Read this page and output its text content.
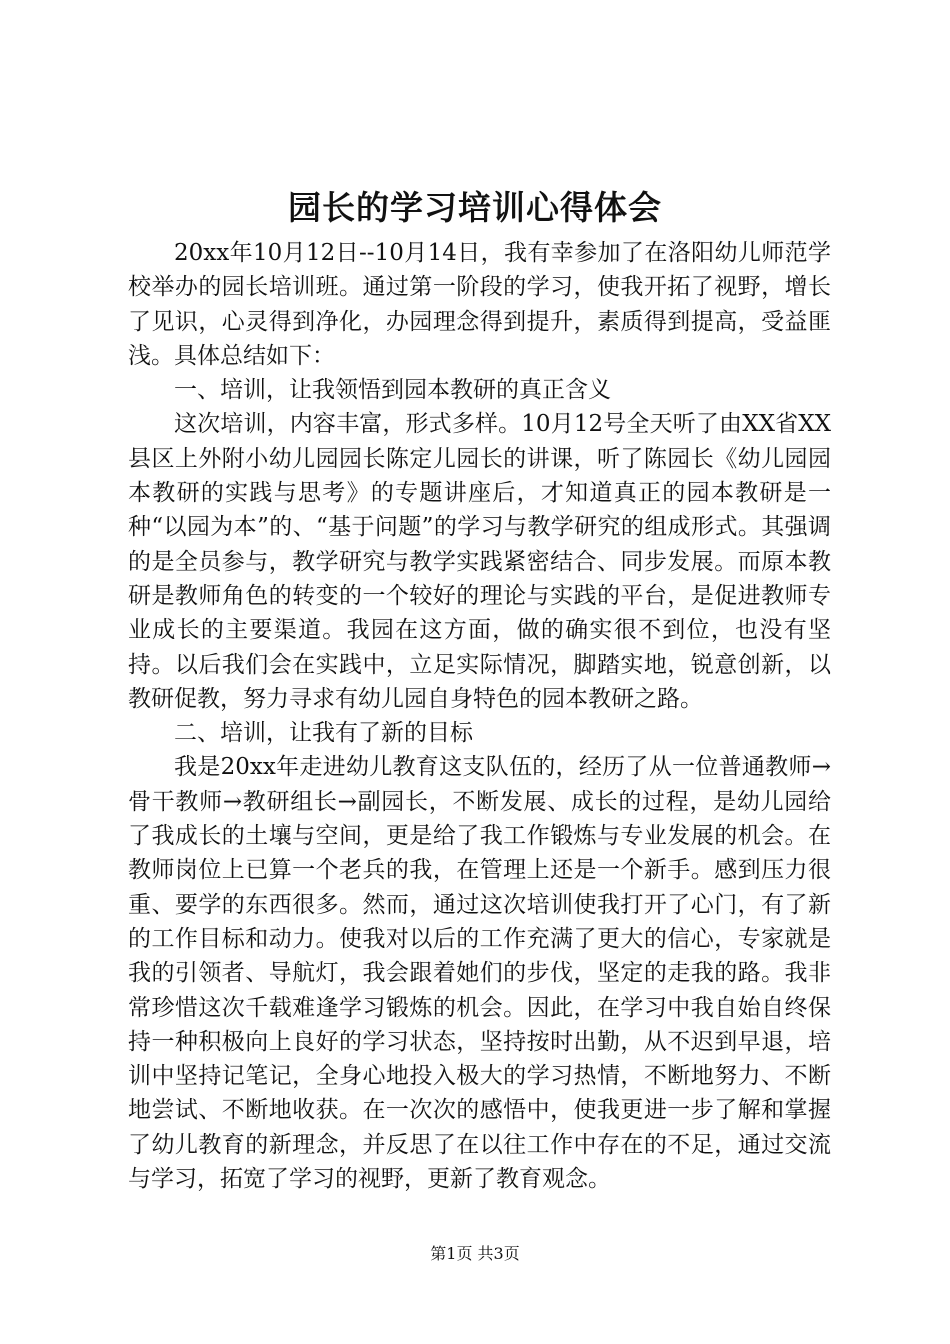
园长的学习培训心得体会

20xx年10月12日--10月14日，我有幸参加了在洛阳幼儿师范学校举办的园长培训班。通过第一阶段的学习，使我开拓了视野，增长了见识，心灵得到净化，办园理念得到提升，素质得到提高，受益匪浅。具体总结如下：

一、培训，让我领悟到园本教研的真正含义

这次培训，内容丰富，形式多样。10月12号全天听了由XX省XX县区上外附小幼儿园园长陈定儿园长的讲课，听了陈园长《幼儿园园本教研的实践与思考》的专题讲座后，才知道真正的园本教研是一种“以园为本”的、“基于问题”的学习与教学研究的组成形式。其强调的是全员参与，教学研究与教学实践紧密结合、同步发展。而原本教研是教师角色的转变的一个较好的理论与实践的平台，是促进教师专业成长的主要渠道。我园在这方面，做的确实很不到位，也没有坚持。以后我们会在实践中，立足实际情况，脚踏实地，锐意创新，以教研促教，努力寻求有幼儿园自身特色的园本教研之路。

二、培训，让我有了新的目标

我是20xx年走进幼儿教育这支队伍的，经历了从一位普通教师→骨干教师→教研组长→副园长，不断发展、成长的过程，是幼儿园给了我成长的土壤与空间，更是给了我工作锻炼与专业发展的机会。在教师岗位上已算一个老兵的我，在管理上还是一个新手。感到压力很重、要学的东西很多。然而，通过这次培训使我打开了心门，有了新的工作目标和动力。使我对以后的工作充满了更大的信心，专家就是我的引领者、导航灯，我会跟着她们的步伐，坚定的走我的路。我非常珍惜这次千载难逢学习锻炼的机会。因此，在学习中我自始自终保持一种积极向上良好的学习状态，坚持按时出勤，从不迟到早退，培训中坚持记笔记，全身心地投入极大的学习热情，不断地努力、不断地尝试、不断地收获。在一次次的感悟中，使我更进一步了解和掌握了幼儿教育的新理念，并反思了在以往工作中存在的不足，通过交流与学习，拓宽了学习的视野，更新了教育观念。

第1页 共3页
